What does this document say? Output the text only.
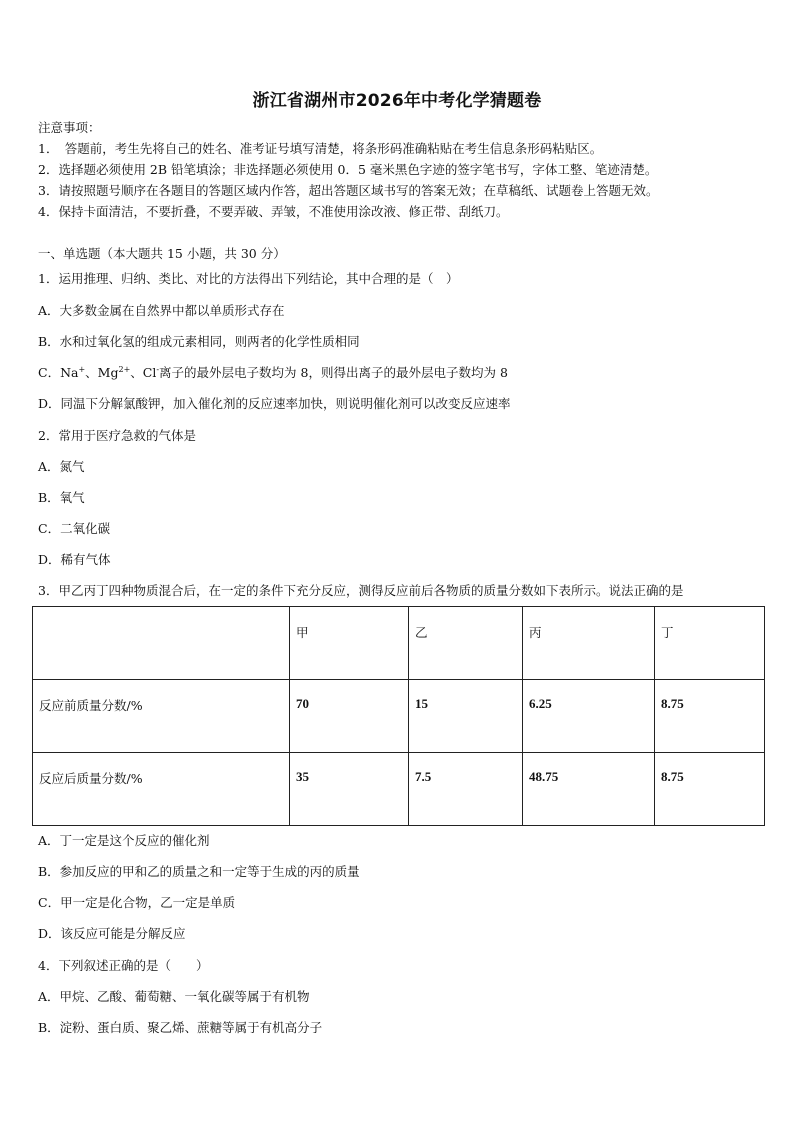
浙江省湖州市2026年中考化学猜题卷
注意事项：
1．　答题前，考生先将自己的姓名、准考证号填写清楚，将条形码准确粘贴在考生信息条形码粘贴区。
2．选择题必须使用 2B 铅笔填涂；非选择题必须使用 0．5 毫米黑色字迹的签字笔书写，字体工整、笔迹清楚。
3．请按照题号顺序在各题目的答题区域内作答，超出答题区域书写的答案无效；在草稿纸、试题卷上答题无效。
4．保持卡面清洁，不要折叠，不要弄破、弄皱，不准使用涂改液、修正带、刮纸刀。
一、单选题（本大题共 15 小题，共 30 分）
1．运用推理、归纳、类比、对比的方法得出下列结论，其中合理的是（　）
A．大多数金属在自然界中都以单质形式存在
B．水和过氧化氢的组成元素相同，则两者的化学性质相同
C．Na+、$Mg^{2+}$、Cl-离子的最外层电子数均为 8，则得出离子的最外层电子数均为 8
D．同温下分解氯酸钾，加入催化剂的反应速率加快，则说明催化剂可以改变反应速率
2．常用于医疗急救的气体是
A．氮气
B．氧气
C．二氧化碳
D．稀有气体
3．甲乙丙丁四种物质混合后，在一定的条件下充分反应，测得反应前后各物质的质量分数如下表所示。说法正确的是
	甲	乙	丙	丁
反应前质量分数/%	70	15	6.25	8.75
反应后质量分数/%	35	7.5	48.75	8.75
A．丁一定是这个反应的催化剂
B．参加反应的甲和乙的质量之和一定等于生成的丙的质量
C．甲一定是化合物，乙一定是单质
D．该反应可能是分解反应
4．下列叙述正确的是（　　）
A．甲烷、乙酸、葡萄糖、一氧化碳等属于有机物
B．淀粉、蛋白质、聚乙烯、蔗糖等属于有机高分子
